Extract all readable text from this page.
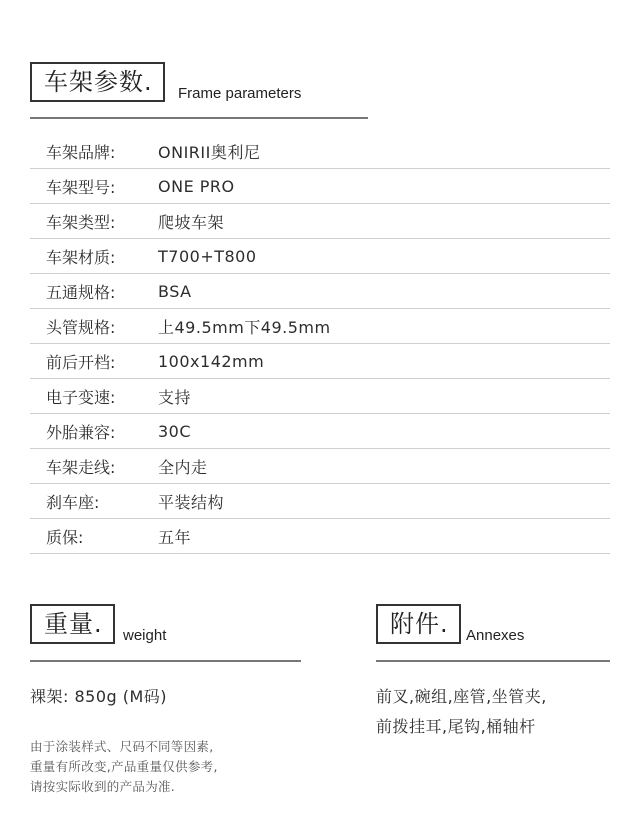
车架参数.	Frame parameters
车架品牌:	ONIRII奥利尼
车架型号:	ONE PRO
车架类型:	爬坡车架
车架材质:	T700+T800
五通规格:	BSA
头管规格:	上49.5mm下49.5mm
前后开档:	100x142mm
电子变速:	支持
外胎兼容:	30C
车架走线:	全内走
刹车座:	平装结构
质保:	五年
重量.	weight
裸架: 850g (M码)
由于涂装样式、尺码不同等因素,
重量有所改变,产品重量仅供参考,
请按实际收到的产品为准.
附件.	Annexes
前叉,碗组,座管,坐管夹,
前拨挂耳,尾钩,桶轴杆
